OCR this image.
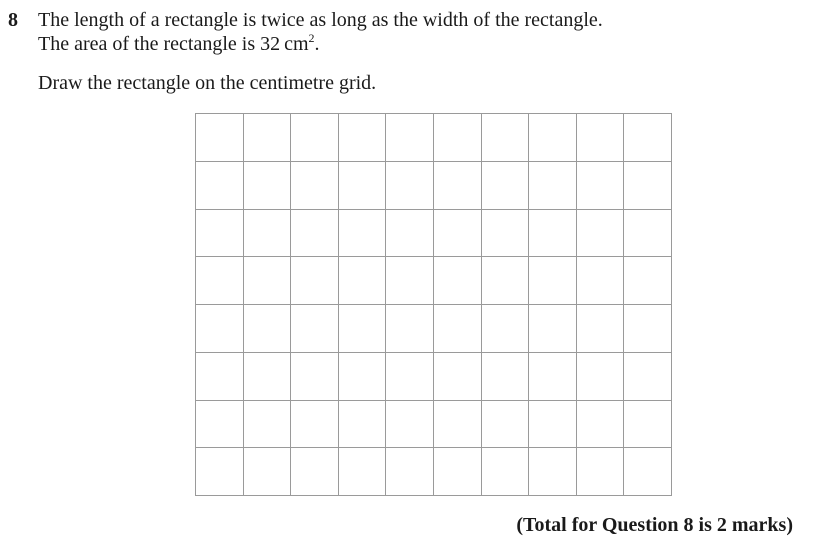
8 The length of a rectangle is twice as long as the width of the rectangle.
The area of the rectangle is 32 $cm^2$.
Draw the rectangle on the centimetre grid.
(Total for Question 8 is 2 marks)
